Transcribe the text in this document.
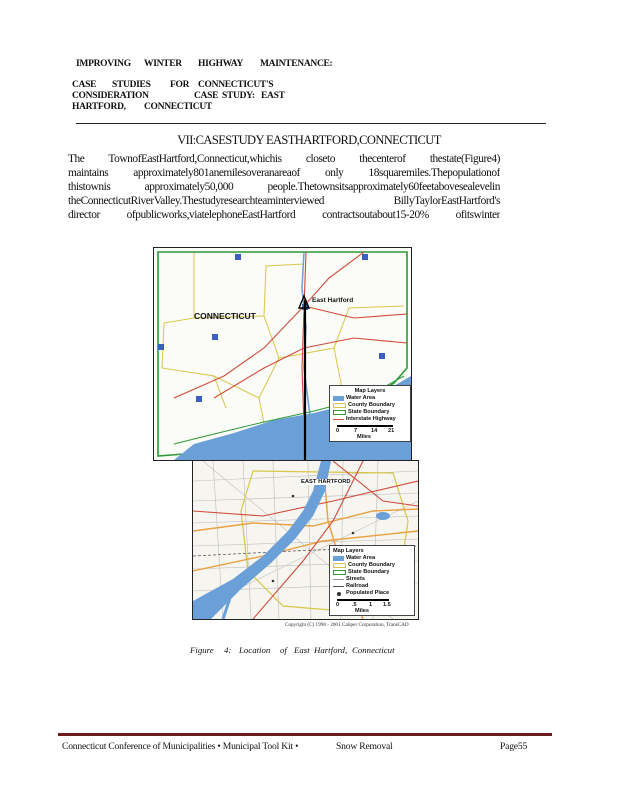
IMPROVING WINTER HIGHWAY MAINTENANCE:
CASE STUDIES FOR CONNECTICUT'S
CONSIDERATION	CASE STUDY: EAST
HARTFORD, CONNECTICUT
VII:CASESTUDY EASTHARTFORD,CONNECTICUT
The TownofEastHartford,Connecticut,whichis closeto thecenterof thestate(Figure4)
maintains approximately801anemilesoveranareaof only 18squaremiles.Thepopulationof
thistownis approximately50,000 people.Thetownsitsapproximately60feetabovesealevelin
theConnecticutRiverValley.Thestudyresearchteaminterviewed BillyTaylorEastHartford's
director ofpublicworks,viatelephoneEastHartford contractsoutabout15-20% ofitswinter
CONNECTICUT
East Hartford
Map Layers
Water Area
County Boundary
State Boundary
Interstate Highway
0	7 14 21
Miles
EAST HARTFORD
Map Layers
Water Area
County Boundary
State Boundary
Streets
Railroad
Populated Place
0 .5 1 1.5
Miles
Copyright (C) 1998 - 2001 Caliper Corporation, TransCAD
Figure 4: Location of East Hartford, Connecticut
Connecticut Conference of Municipalities • Municipal Tool Kit •	Snow Removal	Page55
